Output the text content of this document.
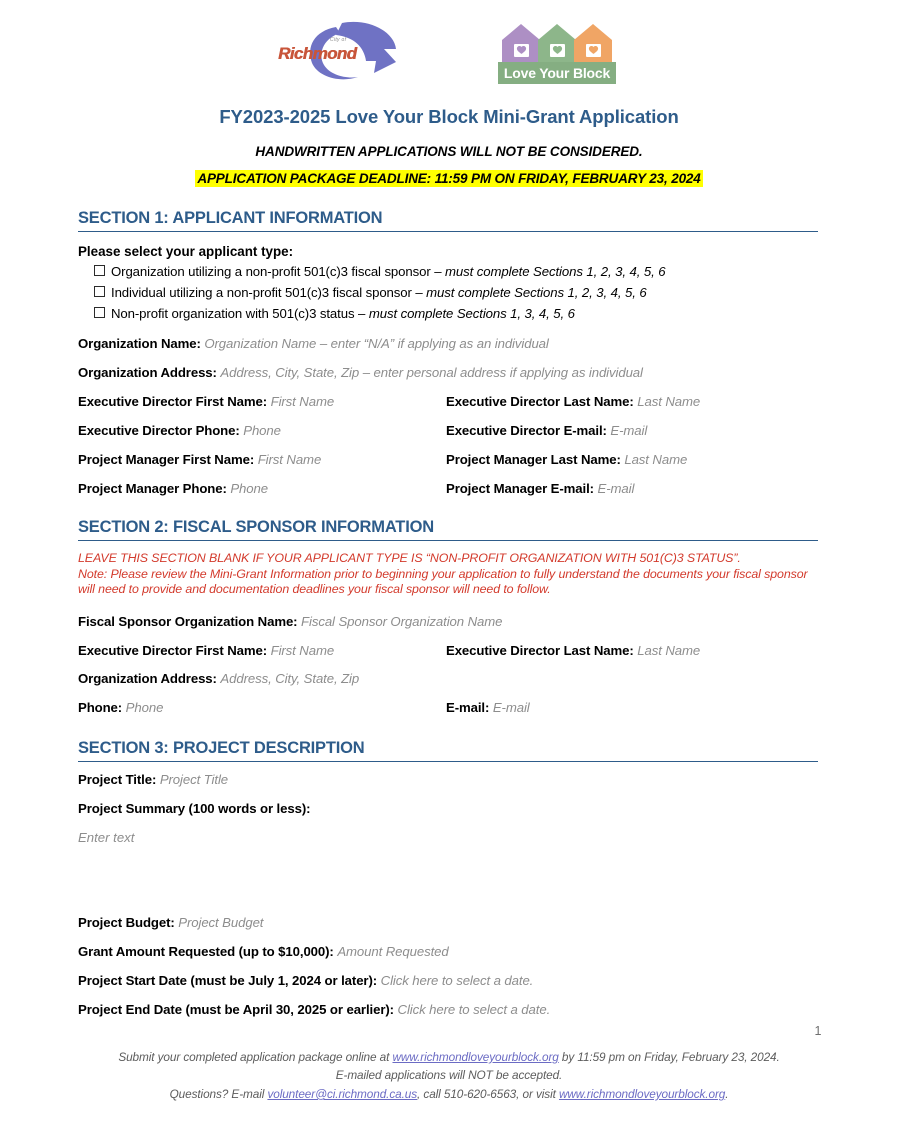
City of
Richmond
Love Your Block
FY2023-2025 Love Your Block Mini-Grant Application
HANDWRITTEN APPLICATIONS WILL NOT BE CONSIDERED.
APPLICATION PACKAGE DEADLINE: 11:59 PM ON FRIDAY, FEBRUARY 23, 2024
SECTION 1: APPLICANT INFORMATION
Please select your applicant type:
Organization utilizing a non-profit 501(c)3 fiscal sponsor – must complete Sections 1, 2, 3, 4, 5, 6
Individual utilizing a non-profit 501(c)3 fiscal sponsor – must complete Sections 1, 2, 3, 4, 5, 6
Non-profit organization with 501(c)3 status – must complete Sections 1, 3, 4, 5, 6
Organization Name: Organization Name – enter “N/A” if applying as an individual
Organization Address: Address, City, State, Zip – enter personal address if applying as individual
Executive Director First Name: First Name	Executive Director Last Name: Last Name
Executive Director Phone: Phone	Executive Director E-mail: E-mail
Project Manager First Name: First Name	Project Manager Last Name: Last Name
Project Manager Phone: Phone	Project Manager E-mail: E-mail
SECTION 2: FISCAL SPONSOR INFORMATION
LEAVE THIS SECTION BLANK IF YOUR APPLICANT TYPE IS “NON-PROFIT ORGANIZATION WITH 501(C)3 STATUS”.
Note: Please review the Mini-Grant Information prior to beginning your application to fully understand the documents your fiscal sponsor will need to provide and documentation deadlines your fiscal sponsor will need to follow.
Fiscal Sponsor Organization Name: Fiscal Sponsor Organization Name
Executive Director First Name: First Name	Executive Director Last Name: Last Name
Organization Address: Address, City, State, Zip
Phone: Phone	E-mail: E-mail
SECTION 3: PROJECT DESCRIPTION
Project Title: Project Title
Project Summary (100 words or less):
Enter text
Project Budget: Project Budget
Grant Amount Requested (up to $10,000): Amount Requested
Project Start Date (must be July 1, 2024 or later): Click here to select a date.
Project End Date (must be April 30, 2025 or earlier): Click here to select a date.
1
Submit your completed application package online at www.richmondloveyourblock.org by 11:59 pm on Friday, February 23, 2024.
E-mailed applications will NOT be accepted.
Questions? E-mail volunteer@ci.richmond.ca.us, call 510-620-6563, or visit www.richmondloveyourblock.org.
